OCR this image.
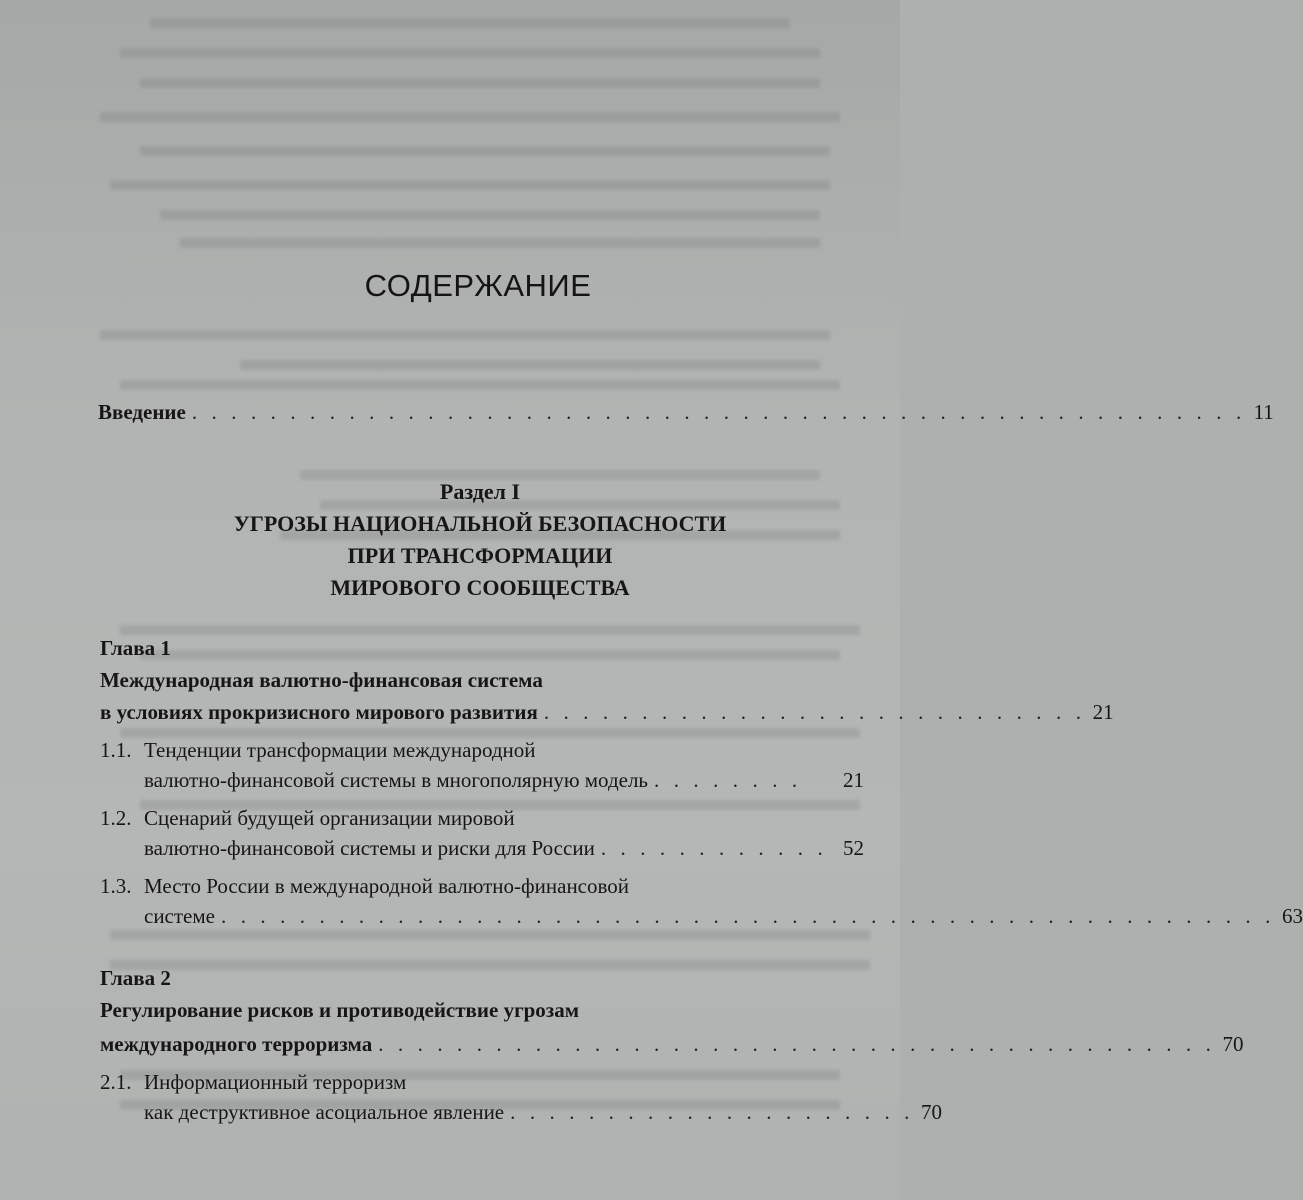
СОДЕРЖАНИЕ
Введение . . . . . . . . . . . . . . . . . . . . . . . . . . . . . . . . . . . . . . . . . . . . . . . . . . . . . . 11
Раздел I
УГРОЗЫ НАЦИОНАЛЬНОЙ БЕЗОПАСНОСТИ
ПРИ ТРАНСФОРМАЦИИ
МИРОВОГО СООБЩЕСТВА
Глава 1
Международная валютно-финансовая система
в условиях прокризисного мирового развития . . . . . . . . . . . . . . . . . . . . . . . . . . . . 21
1.1. Тенденции трансформации международной
валютно-финансовой системы в многополярную модель . . . . . . . .	21
1.2. Сценарий будущей организации мировой
валютно-финансовой системы и риски для России . . . . . . . . . . . . 52
1.3. Место России в международной валютно-финансовой
системе . . . . . . . . . . . . . . . . . . . . . . . . . . . . . . . . . . . . . . . . . . . . . . . . . . . . . . 63
Глава 2
Регулирование рисков и противодействие угрозам
международного терроризма . . . . . . . . . . . . . . . . . . . . . . . . . . . . . . . . . . . . . . . . . . . 70
2.1. Информационный терроризм
как деструктивное асоциальное явление . . . . . . . . . . . . . . . . . . . . . 70
